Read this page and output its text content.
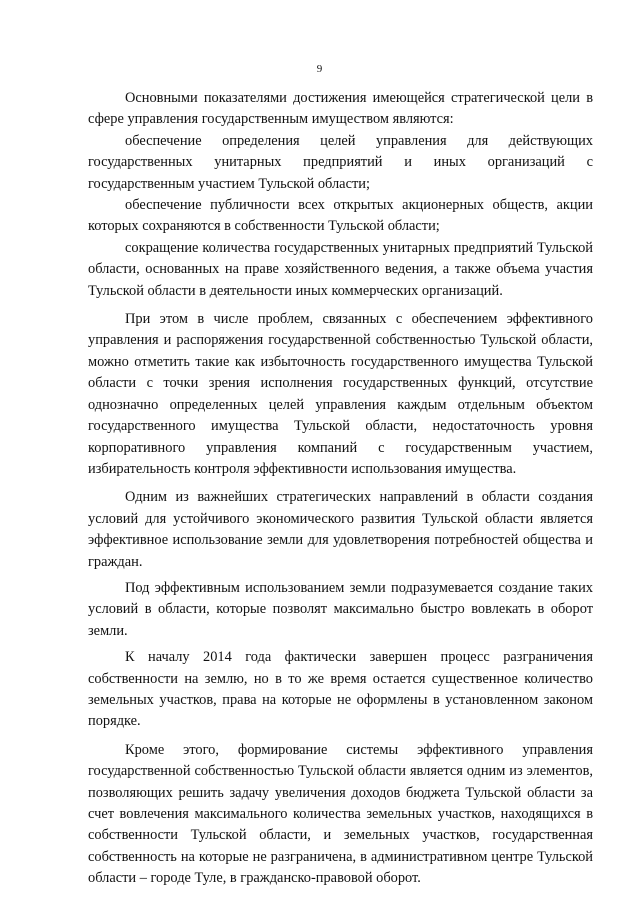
9

Основными показателями достижения имеющейся стратегической цели в сфере управления государственным имуществом являются:

обеспечение определения целей управления для действующих государственных унитарных предприятий и иных организаций с государственным участием Тульской области;

обеспечение публичности всех открытых акционерных обществ, акции которых сохраняются в собственности Тульской области;

сокращение количества государственных унитарных предприятий Тульской области, основанных на праве хозяйственного ведения, а также объема участия Тульской области в деятельности иных коммерческих организаций.

При этом в числе проблем, связанных с обеспечением эффективного управления и распоряжения государственной собственностью Тульской области, можно отметить такие как избыточность государственного имущества Тульской области с точки зрения исполнения государственных функций, отсутствие однозначно определенных целей управления каждым отдельным объектом государственного имущества Тульской области, недостаточность уровня корпоративного управления компаний с государственным участием, избирательность контроля эффективности использования имущества.

Одним из важнейших стратегических направлений в области создания условий для устойчивого экономического развития Тульской области является эффективное использование земли для удовлетворения потребностей общества и граждан.

Под эффективным использованием земли подразумевается создание таких условий в области, которые позволят максимально быстро вовлекать в оборот земли.

К началу 2014 года фактически завершен процесс разграничения собственности на землю, но в то же время остается существенное количество земельных участков, права на которые не оформлены в установленном законом порядке.

Кроме этого, формирование системы эффективного управления государственной собственностью Тульской области является одним из элементов, позволяющих решить задачу увеличения доходов бюджета Тульской области за счет вовлечения максимального количества земельных участков, находящихся в собственности Тульской области, и земельных участков, государственная собственность на которые не разграничена, в административном центре Тульской области – городе Туле, в гражданско-правовой оборот.
